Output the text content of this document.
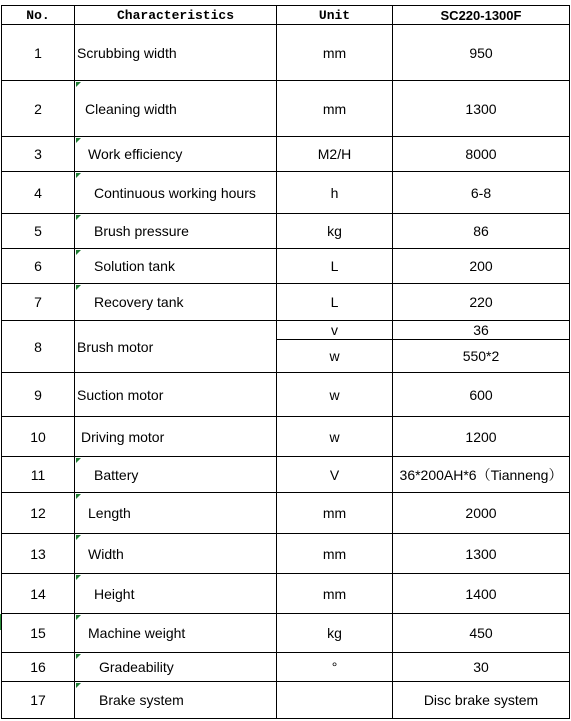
No.	Characteristics	Unit	SC220-1300F
1	Scrubbing width	mm	950
2	Cleaning width	mm	1300
3	Work efficiency	M2/H	8000
4	Continuous working hours	h	6-8
5	Brush pressure	kg	86
6	Solution tank	L	200
7	Recovery tank	L	220
8	Brush motor	v	36
		w	550*2
9	Suction motor	w	600
10	Driving motor	w	1200
11	Battery	V	36*200AH*6（Tianneng）
12	Length	mm	2000
13	Width	mm	1300
14	Height	mm	1400
15	Machine weight	kg	450
16	Gradeability	°	30
17	Brake system		Disc brake system
